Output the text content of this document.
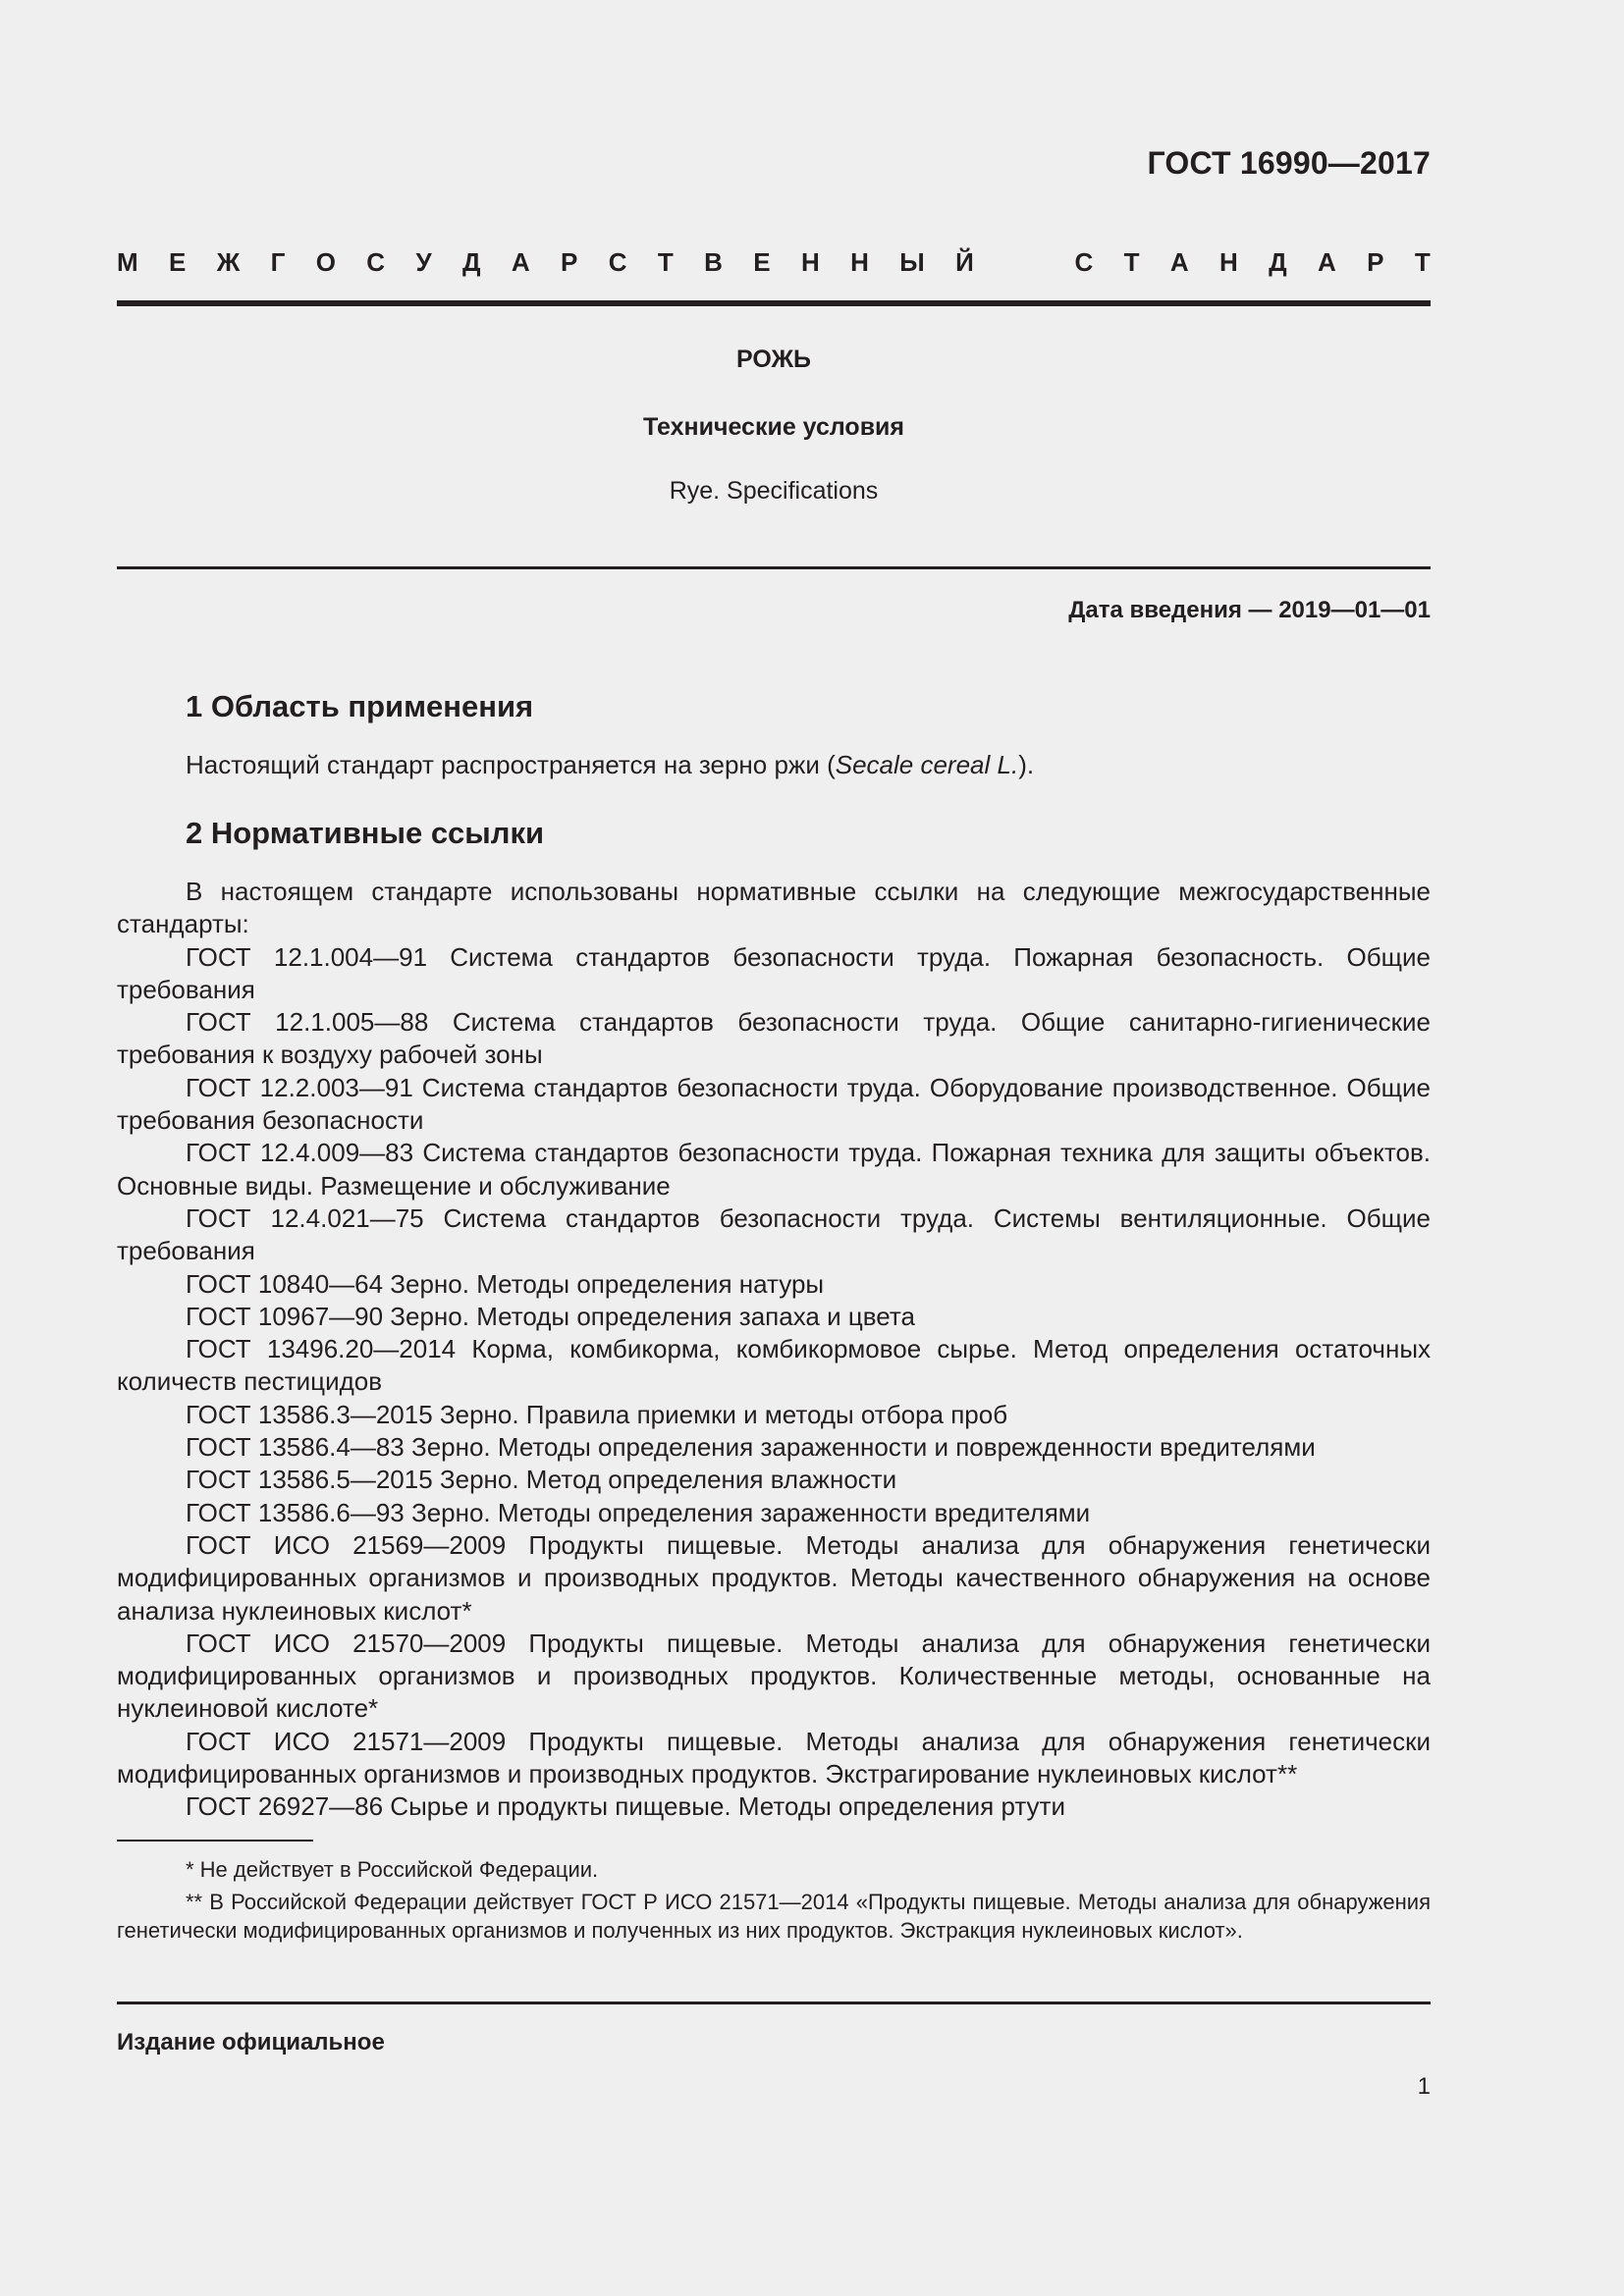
ГОСТ 16990—2017
М Е Ж Г О С У Д А Р С Т В Е Н Н Ы Й	С Т А Н Д А Р Т
РОЖЬ
Технические условия
Rye. Specifications
Дата введения — 2019—01—01
1 Область применения
Настоящий стандарт распространяется на зерно ржи (Secale cereal L.).
2 Нормативные ссылки

В настоящем стандарте использованы нормативные ссылки на следующие межгосударственные стандарты:

ГОСТ 12.1.004—91 Система стандартов безопасности труда. Пожарная безопасность. Общие требования

ГОСТ 12.1.005—88 Система стандартов безопасности труда. Общие санитарно-гигиенические требования к воздуху рабочей зоны

ГОСТ 12.2.003—91 Система стандартов безопасности труда. Оборудование производственное. Общие требования безопасности

ГОСТ 12.4.009—83 Система стандартов безопасности труда. Пожарная техника для защиты объектов. Основные виды. Размещение и обслуживание

ГОСТ 12.4.021—75 Система стандартов безопасности труда. Системы вентиляционные. Общие требования

ГОСТ 10840—64 Зерно. Методы определения натуры

ГОСТ 10967—90 Зерно. Методы определения запаха и цвета

ГОСТ 13496.20—2014 Корма, комбикорма, комбикормовое сырье. Метод определения остаточных количеств пестицидов

ГОСТ 13586.3—2015 Зерно. Правила приемки и методы отбора проб

ГОСТ 13586.4—83 Зерно. Методы определения зараженности и поврежденности вредителями

ГОСТ 13586.5—2015 Зерно. Метод определения влажности

ГОСТ 13586.6—93 Зерно. Методы определения зараженности вредителями

ГОСТ ИСО 21569—2009 Продукты пищевые. Методы анализа для обнаружения генетически модифицированных организмов и производных продуктов. Методы качественного обнаружения на основе анализа нуклеиновых кислот*

ГОСТ ИСО 21570—2009 Продукты пищевые. Методы анализа для обнаружения генетически модифицированных организмов и производных продуктов. Количественные методы, основанные на нуклеиновой кислоте*

ГОСТ ИСО 21571—2009 Продукты пищевые. Методы анализа для обнаружения генетически модифицированных организмов и производных продуктов. Экстрагирование нуклеиновых кислот**

ГОСТ 26927—86 Сырье и продукты пищевые. Методы определения ртути

* Не действует в Российской Федерации.

** В Российской Федерации действует ГОСТ Р ИСО 21571—2014 «Продукты пищевые. Методы анализа для обнаружения генетически модифицированных организмов и полученных из них продуктов. Экстракция нуклеиновых кислот».

Издание официальное
1
